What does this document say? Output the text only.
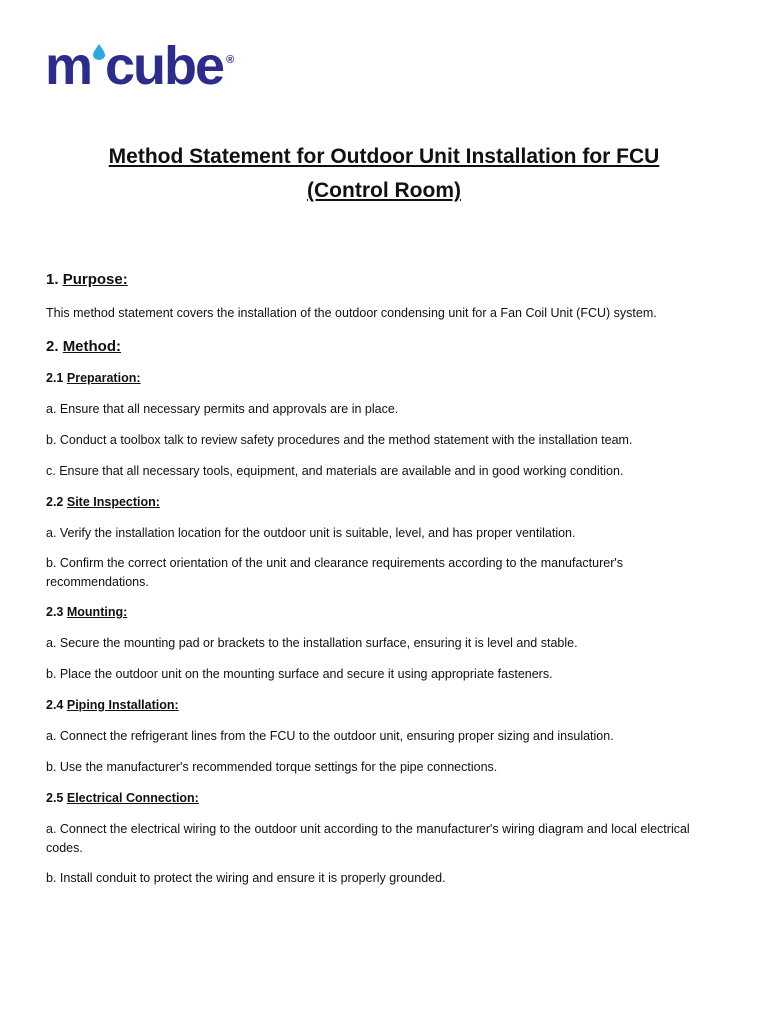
m cube ®
Method Statement for Outdoor Unit Installation for FCU
(Control Room)

1. Purpose:

This method statement covers the installation of the outdoor condensing unit for a Fan Coil Unit (FCU) system.

2. Method:

2.1 Preparation:

a. Ensure that all necessary permits and approvals are in place.

b. Conduct a toolbox talk to review safety procedures and the method statement with the installation team.

c. Ensure that all necessary tools, equipment, and materials are available and in good working condition.

2.2 Site Inspection:

a. Verify the installation location for the outdoor unit is suitable, level, and has proper ventilation.

b. Confirm the correct orientation of the unit and clearance requirements according to the manufacturer's recommendations.

2.3 Mounting:

a. Secure the mounting pad or brackets to the installation surface, ensuring it is level and stable.

b. Place the outdoor unit on the mounting surface and secure it using appropriate fasteners.

2.4 Piping Installation:

a. Connect the refrigerant lines from the FCU to the outdoor unit, ensuring proper sizing and insulation.

b. Use the manufacturer's recommended torque settings for the pipe connections.

2.5 Electrical Connection:

a. Connect the electrical wiring to the outdoor unit according to the manufacturer's wiring diagram and local electrical codes.

b. Install conduit to protect the wiring and ensure it is properly grounded.
